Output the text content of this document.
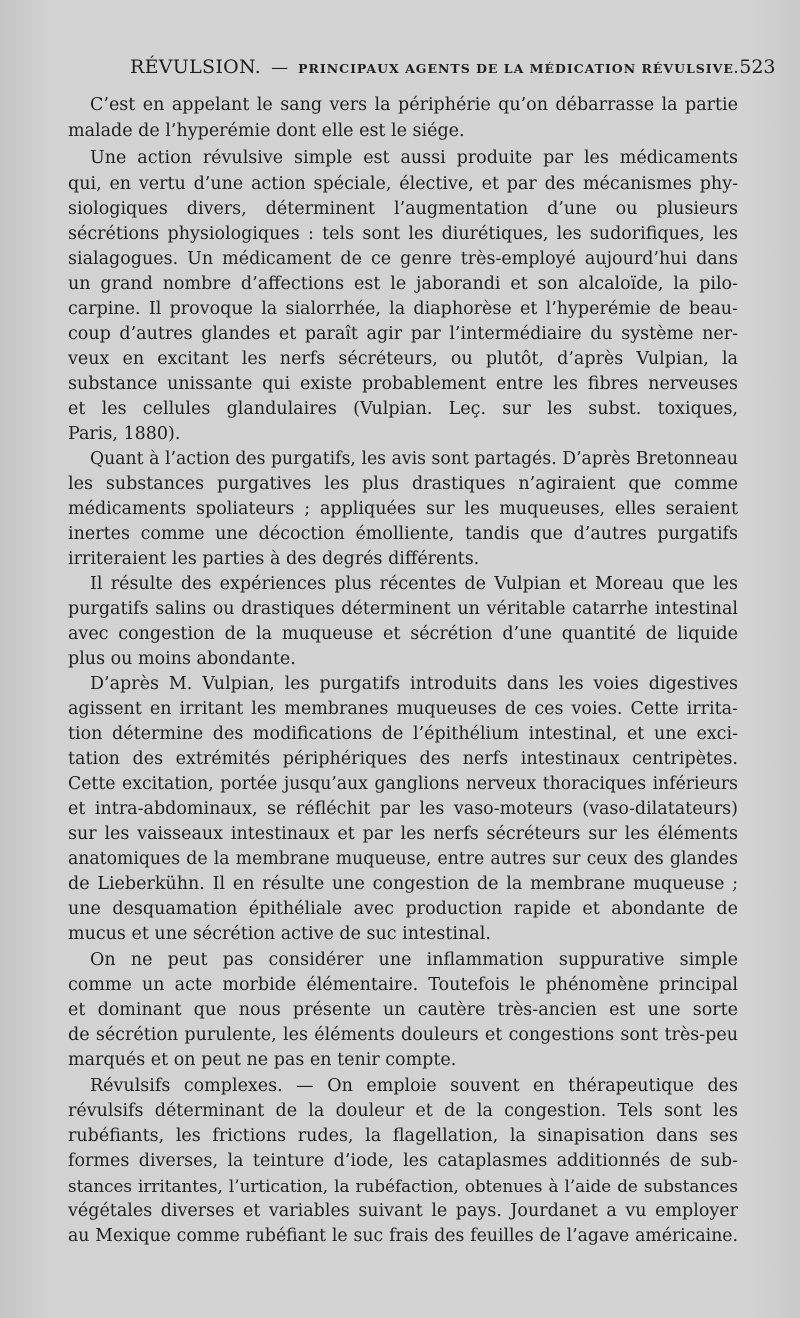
RÉVULSION. — PRINCIPAUX AGENTS DE LA MÉDICATION RÉVULSIVE. 523
C’est en appelant le sang vers la périphérie qu’on débarrasse la partie
malade de l’hyperémie dont elle est le siége.
Une action révulsive simple est aussi produite par les médicaments
qui, en vertu d’une action spéciale, élective, et par des mécanismes phy-
siologiques divers, déterminent l’augmentation d’une ou plusieurs
sécrétions physiologiques : tels sont les diurétiques, les sudorifiques, les
sialagogues. Un médicament de ce genre très-employé aujourd’hui dans
un grand nombre d’affections est le jaborandi et son alcaloïde, la pilo-
carpine. Il provoque la sialorrhée, la diaphorèse et l’hyperémie de beau-
coup d’autres glandes et paraît agir par l’intermédiaire du système ner-
veux en excitant les nerfs sécréteurs, ou plutôt, d’après Vulpian, la
substance unissante qui existe probablement entre les fibres nerveuses
et les cellules glandulaires (Vulpian. Leç. sur les subst. toxiques,
Paris, 1880).
Quant à l’action des purgatifs, les avis sont partagés. D’après Bretonneau
les substances purgatives les plus drastiques n’agiraient que comme
médicaments spoliateurs ; appliquées sur les muqueuses, elles seraient
inertes comme une décoction émolliente, tandis que d’autres purgatifs
irriteraient les parties à des degrés différents.
Il résulte des expériences plus récentes de Vulpian et Moreau que les
purgatifs salins ou drastiques déterminent un véritable catarrhe intestinal
avec congestion de la muqueuse et sécrétion d’une quantité de liquide
plus ou moins abondante.
D’après M. Vulpian, les purgatifs introduits dans les voies digestives
agissent en irritant les membranes muqueuses de ces voies. Cette irrita-
tion détermine des modifications de l’épithélium intestinal, et une exci-
tation des extrémités périphériques des nerfs intestinaux centripètes.
Cette excitation, portée jusqu’aux ganglions nerveux thoraciques inférieurs
et intra-abdominaux, se réfléchit par les vaso-moteurs (vaso-dilatateurs)
sur les vaisseaux intestinaux et par les nerfs sécréteurs sur les éléments
anatomiques de la membrane muqueuse, entre autres sur ceux des glandes
de Lieberkühn. Il en résulte une congestion de la membrane muqueuse ;
une desquamation épithéliale avec production rapide et abondante de
mucus et une sécrétion active de suc intestinal.
On ne peut pas considérer une inflammation suppurative simple
comme un acte morbide élémentaire. Toutefois le phénomène principal
et dominant que nous présente un cautère très-ancien est une sorte
de sécrétion purulente, les éléments douleurs et congestions sont très-peu
marqués et on peut ne pas en tenir compte.
Révulsifs complexes. — On emploie souvent en thérapeutique des
révulsifs déterminant de la douleur et de la congestion. Tels sont les
rubéfiants, les frictions rudes, la flagellation, la sinapisation dans ses
formes diverses, la teinture d’iode, les cataplasmes additionnés de sub-
stances irritantes, l’urtication, la rubéfaction, obtenues à l’aide de substances
végétales diverses et variables suivant le pays. Jourdanet a vu employer
au Mexique comme rubéfiant le suc frais des feuilles de l’agave américaine.
